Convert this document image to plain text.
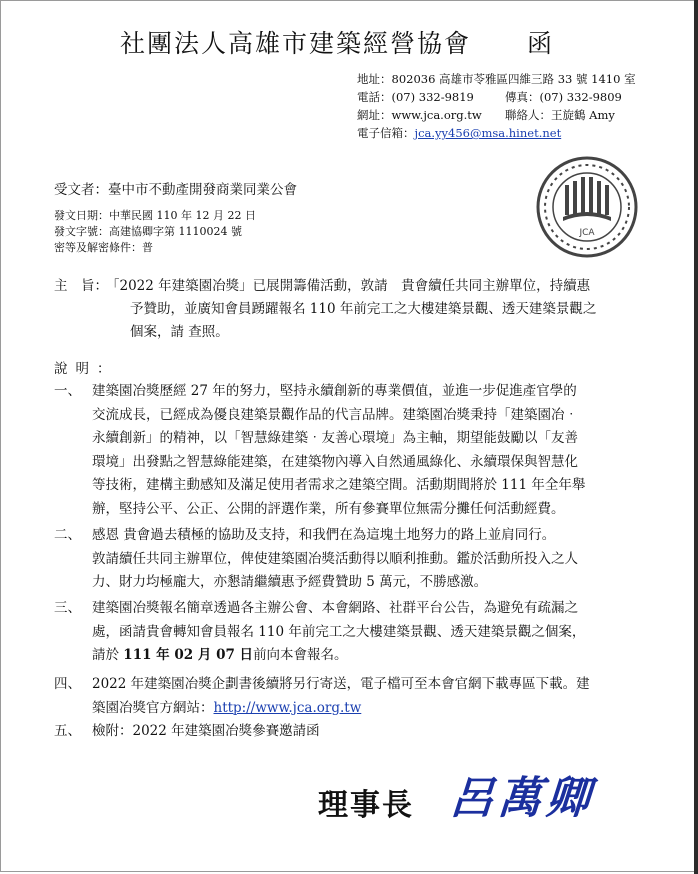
社團法人高雄市建築經營協會 函
地址：802036 高雄市苓雅區四維三路 33 號 1410 室
電話：(07) 332-9819	傳真：(07) 332-9809
網址：www.jca.org.tw 聯絡人：王旋鶴 Amy
電子信箱：jca.yy456@msa.hinet.net
JCA
受文者：臺中市不動產開發商業同業公會
發文日期：中華民國 110 年 12 月 22 日
發文字號：高建協卿字第 1110024 號
密等及解密條件：普
主　旨：
「2022 年建築園冶獎」已展開籌備活動，敦請　貴會續任共同主辦單位，持續惠
予贊助，並廣知會員踴躍報名 110 年前完工之大樓建築景觀、透天建築景觀之
個案，請 查照。
說明：
一、 建築園冶獎歷經 27 年的努力，堅持永續創新的專業價值，並進一步促進產官學的
交流成長，已經成為優良建築景觀作品的代言品牌。建築園冶獎秉持「建築園冶‧
永續創新」的精神，以「智慧綠建築‧友善心環境」為主軸，期望能鼓勵以「友善
環境」出發點之智慧綠能建築，在建築物內導入自然通風綠化、永續環保與智慧化
等技術，建構主動感知及滿足使用者需求之建築空間。活動期間將於 111 年全年舉
辦，堅持公平、公正、公開的評選作業，所有參賽單位無需分攤任何活動經費。
二、 感恩 貴會過去積極的協助及支持，和我們在為這塊土地努力的路上並肩同行。
敦請續任共同主辦單位，俾使建築園冶獎活動得以順利推動。鑑於活動所投入之人
力、財力均極龐大，亦懇請繼續惠予經費贊助 5 萬元，不勝感激。
三、 建築園冶獎報名簡章透過各主辦公會、本會網路、社群平台公告，為避免有疏漏之
處，函請貴會轉知會員報名 110 年前完工之大樓建築景觀、透天建築景觀之個案，
請於 111 年 02 月 07 日前向本會報名。
四、 2022 年建築園冶獎企劃書後續將另行寄送，電子檔可至本會官網下載專區下載。建
築園冶獎官方網站：http://www.jca.org.tw
五、 檢附：2022 年建築園冶獎參賽邀請函
理事長 呂萬卿
